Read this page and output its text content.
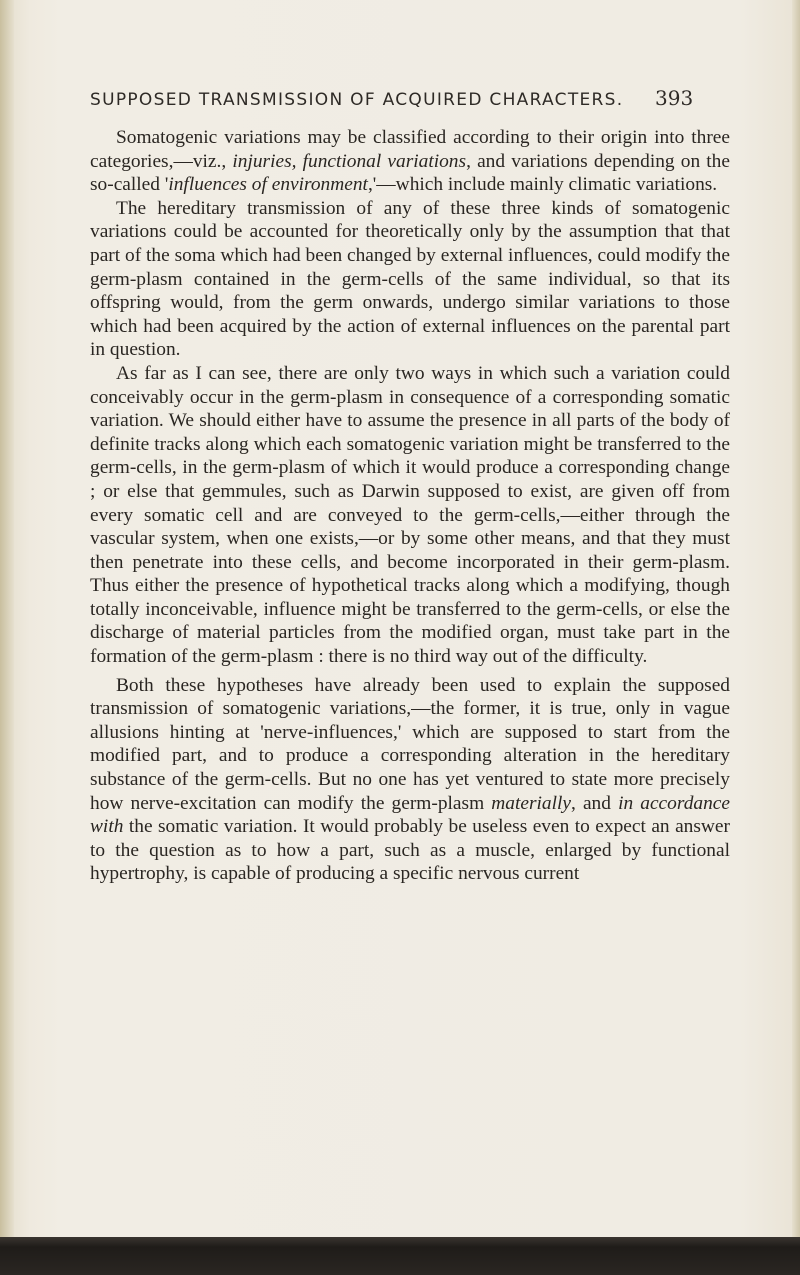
SUPPOSED TRANSMISSION OF ACQUIRED CHARACTERS.	393

Somatogenic variations may be classified according to their origin into three categories,—viz., injuries, functional variations, and variations depending on the so-called 'influences of environment,'—which include mainly climatic variations.

The hereditary transmission of any of these three kinds of somatogenic variations could be accounted for theoretically only by the assumption that that part of the soma which had been changed by external influences, could modify the germ-plasm contained in the germ-cells of the same individual, so that its offspring would, from the germ onwards, undergo similar variations to those which had been acquired by the action of external influences on the parental part in question.

As far as I can see, there are only two ways in which such a variation could conceivably occur in the germ-plasm in consequence of a corresponding somatic variation. We should either have to assume the presence in all parts of the body of definite tracks along which each somatogenic variation might be transferred to the germ-cells, in the germ-plasm of which it would produce a corresponding change ; or else that gemmules, such as Darwin supposed to exist, are given off from every somatic cell and are conveyed to the germ-cells,—either through the vascular system, when one exists,—or by some other means, and that they must then penetrate into these cells, and become incorporated in their germ-plasm. Thus either the presence of hypothetical tracks along which a modifying, though totally inconceivable, influence might be transferred to the germ-cells, or else the discharge of material particles from the modified organ, must take part in the formation of the germ-plasm : there is no third way out of the difficulty.

Both these hypotheses have already been used to explain the supposed transmission of somatogenic variations,—the former, it is true, only in vague allusions hinting at 'nerve-influences,' which are supposed to start from the modified part, and to produce a corresponding alteration in the hereditary substance of the germ-cells. But no one has yet ventured to state more precisely how nerve-excitation can modify the germ-plasm materially, and in accordance with the somatic variation. It would probably be useless even to expect an answer to the question as to how a part, such as a muscle, enlarged by functional hypertrophy, is capable of producing a specific nervous current
